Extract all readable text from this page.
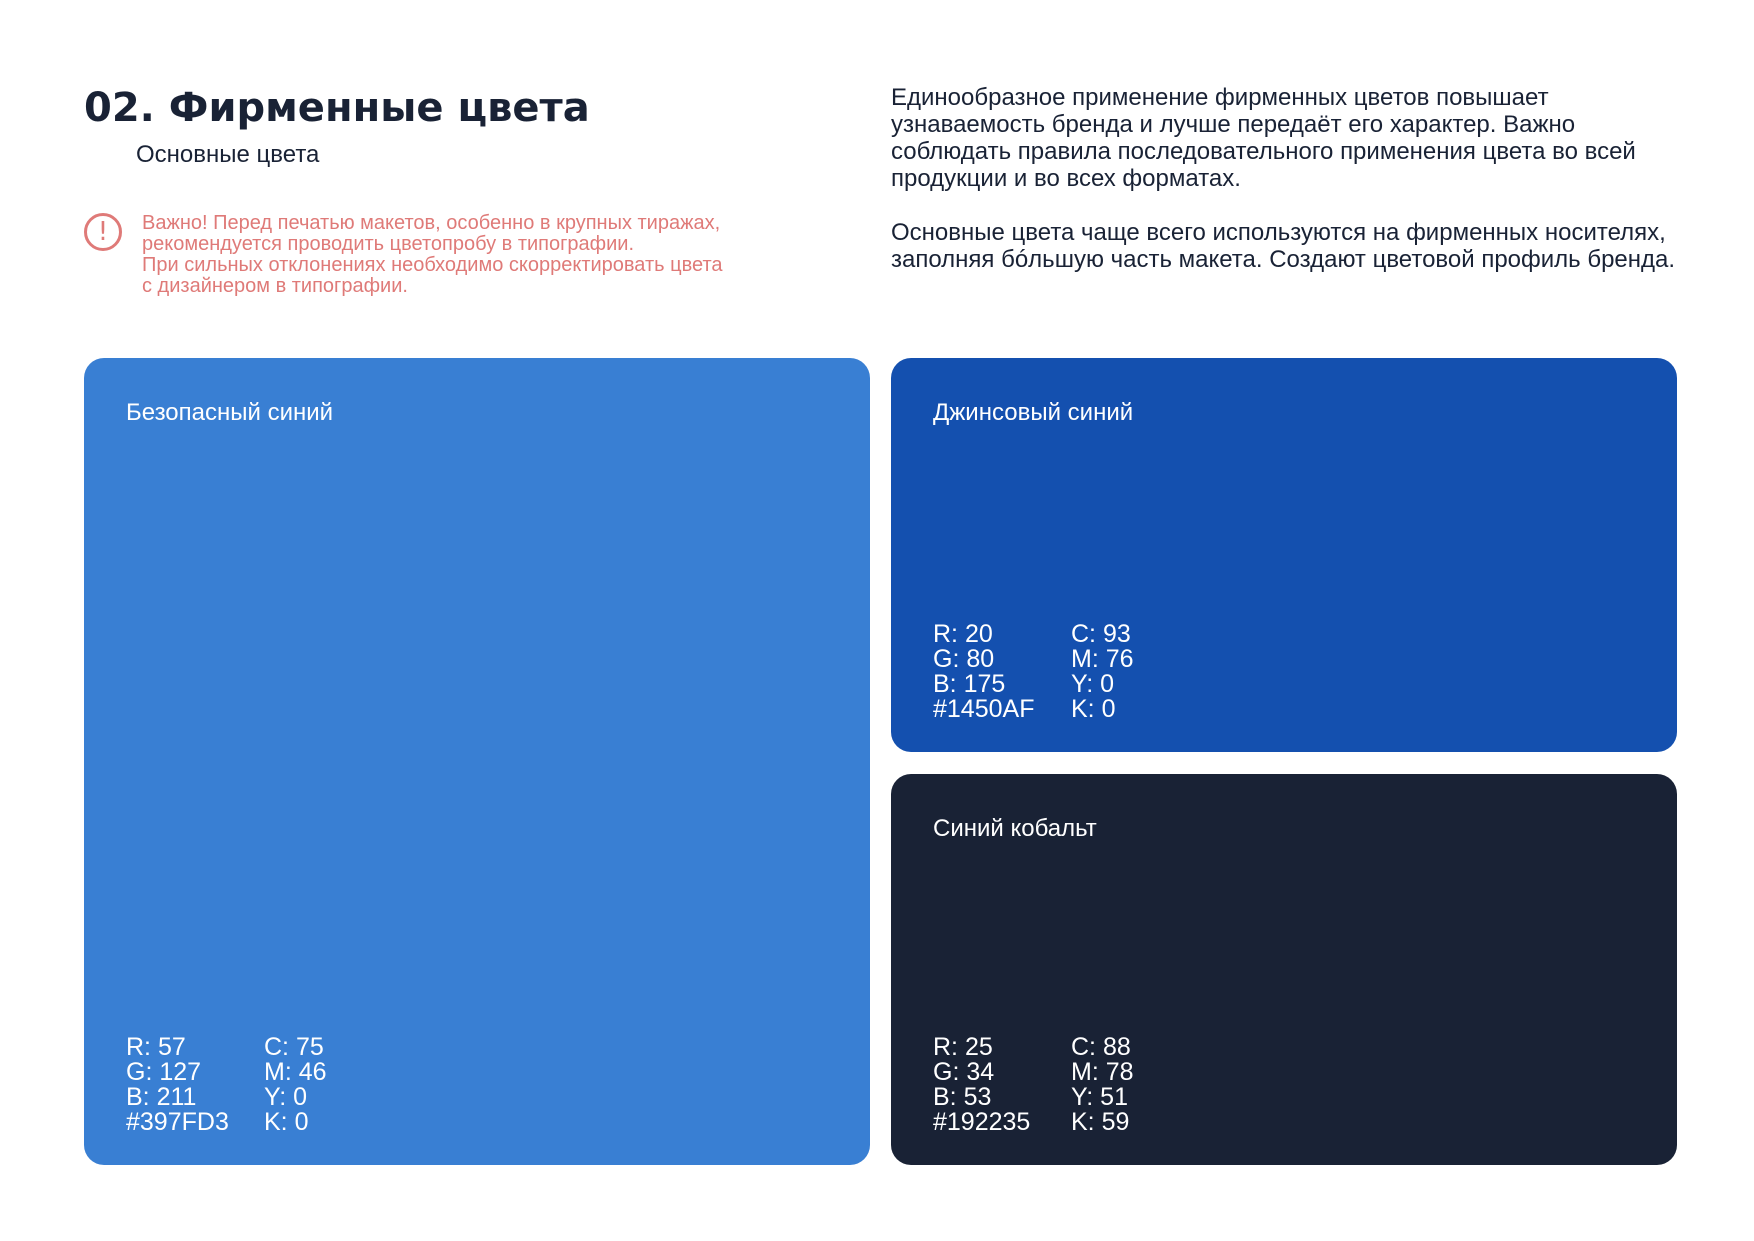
02. Фирменные цвета
Основные цвета
!	Важно! Перед печатью макетов, особенно в крупных тиражах,
рекомендуется проводить цветопробу в типографии.
При сильных отклонениях необходимо скорректировать цвета
с дизайнером в типографии.

Единообразное применение фирменных цветов повышает узнаваемость бренда и лучше передаёт его характер. Важно соблюдать правила последовательного применения цвета во всей продукции и во всех форматах.

Основные цвета чаще всего используются на фирменных носителях, заполняя бóльшую часть макета. Создают цветовой профиль бренда.

Безопасный синий
R: 57
G: 127
B: 211
#397FD3
C: 75
M: 46
Y: 0
K: 0
Джинсовый синий
R: 20
G: 80
B: 175
#1450AF
C: 93
M: 76
Y: 0
K: 0
Синий кобальт
R: 25
G: 34
B: 53
#192235
C: 88
M: 78
Y: 51
K: 59
